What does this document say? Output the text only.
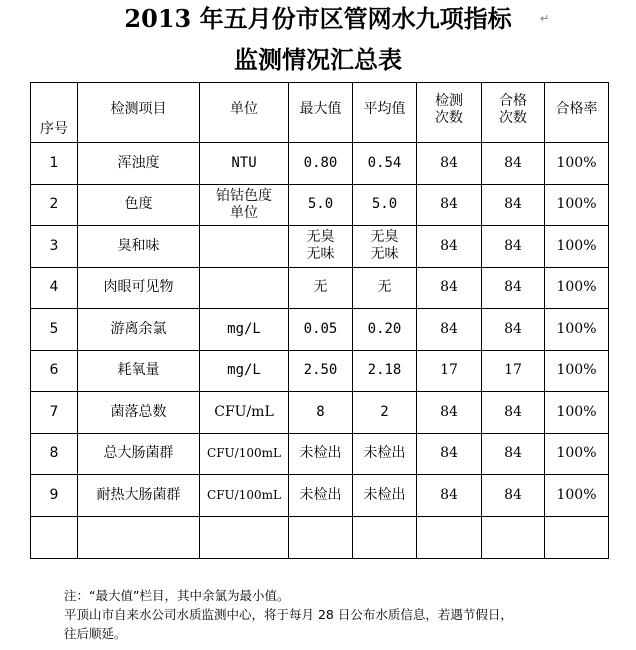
2013 年五月份市区管网水九项指标	↵
监测情况汇总表
序号	检测项目	单位	最大值	平均值	检测次数	合格次数	合格率
1	浑浊度	NTU	0.80	0.54	84	84	100%
2	色度	铂钴色度单位	5.0	5.0	84	84	100%
3	臭和味		无臭无味	无臭无味	84	84	100%
4	肉眼可见物		无	无	84	84	100%
5	游离余氯	mg/L	0.05	0.20	84	84	100%
6	耗氧量	mg/L	2.50	2.18	17	17	100%
7	菌落总数	CFU/mL	8	2	84	84	100%
8	总大肠菌群	CFU/100mL	未检出	未检出	84	84	100%
9	耐热大肠菌群	CFU/100mL	未检出	未检出	84	84	100%

注：“最大值”栏目，其中余氯为最小值。
平顶山市自来水公司水质监测中心，将于每月 28 日公布水质信息，若遇节假日，
往后顺延。
